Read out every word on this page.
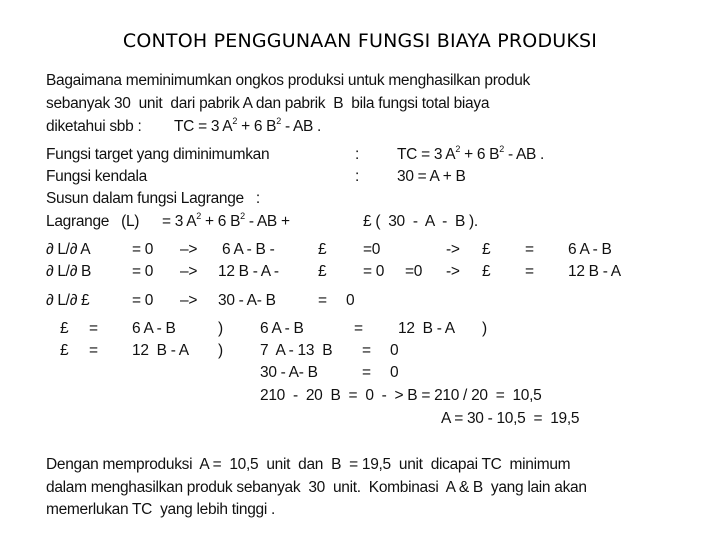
CONTOH PENGGUNAAN FUNGSI BIAYA PRODUKSI
Bagaimana meminimumkan ongkos produksi untuk menghasilkan produk
sebanyak 30  unit  dari pabrik A dan pabrik  B  bila fungsi total biaya
diketahui sbb : TC = 3 $A^2 + 6$ $B^2$ - AB .
Fungsi target yang diminimumkan	: TC = 3 $A^2 + 6$ $B^2$ - AB .
Fungsi kendala	: 30 = A + B
Susun dalam fungsi Lagrange   :
Lagrange   (L) = 3 $A^2 + 6$ $B^2$ - AB +	£ (  30  -  A  -  B ).
∂ L/∂ A	= 0 –> 6 A - B -	£ =0	-> £ = 6 A - B
∂ L/∂ B	= 0 –> 12 B - A -	£ = 0 =0 -> £ = 12 B - A
∂ L/∂ £	= 0 –> 30 - A- B	= 0
£ = 6 A - B	) 6 A - B	= 12  B - A )
£ = 12  B - A ) 7  A - 13  B = 0
30 - A- B	= 0
210  -  20  B  =  0  -  > B = 210 / 20  =  10,5
A = 30 - 10,5  =  19,5
Dengan memproduksi  A =  10,5  unit  dan  B  = 19,5  unit  dicapai TC  minimum
dalam menghasilkan produk sebanyak  30  unit.  Kombinasi  A & B  yang lain akan
memerlukan TC  yang lebih tinggi .
